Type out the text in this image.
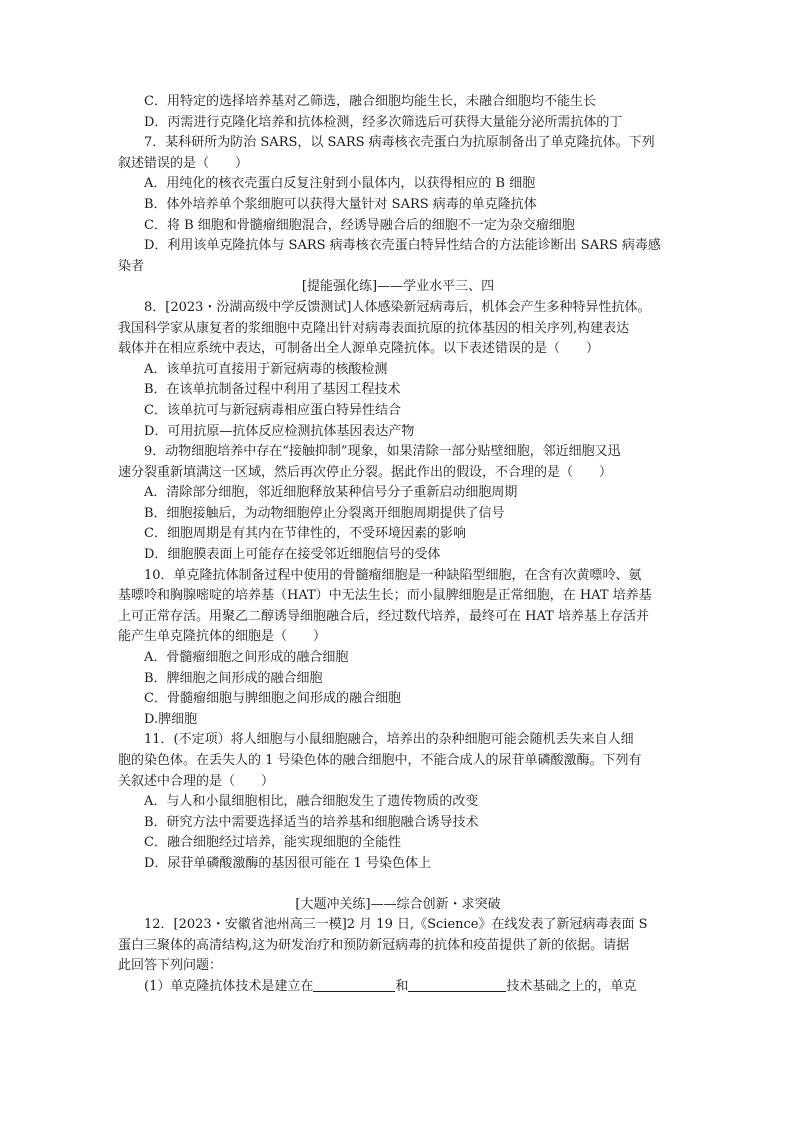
C．用特定的选择培养基对乙筛选，融合细胞均能生长，未融合细胞均不能生长
D．丙需进行克隆化培养和抗体检测，经多次筛选后可获得大量能分泌所需抗体的丁
7．某科研所为防治 SARS，以 SARS 病毒核衣壳蛋白为抗原制备出了单克隆抗体。下列
叙述错误的是（　　）
A．用纯化的核衣壳蛋白反复注射到小鼠体内，以获得相应的 B 细胞
B．体外培养单个浆细胞可以获得大量针对 SARS 病毒的单克隆抗体
C．将 B 细胞和骨髓瘤细胞混合，经诱导融合后的细胞不一定为杂交瘤细胞
D．利用该单克隆抗体与 SARS 病毒核衣壳蛋白特异性结合的方法能诊断出 SARS 病毒感
染者
[提能强化练]——学业水平三、四
8．[2023・汾湖高级中学反馈测试]人体感染新冠病毒后，机体会产生多种特异性抗体。
我国科学家从康复者的浆细胞中克隆出针对病毒表面抗原的抗体基因的相关序列,构建表达
载体并在相应系统中表达，可制备出全人源单克隆抗体。以下表述错误的是（　　）
A．该单抗可直接用于新冠病毒的核酸检测
B．在该单抗制备过程中利用了基因工程技术
C．该单抗可与新冠病毒相应蛋白特异性结合
D．可用抗原—抗体反应检测抗体基因表达产物
9．动物细胞培养中存在“接触抑制”现象，如果清除一部分贴壁细胞，邻近细胞又迅
速分裂重新填满这一区域，然后再次停止分裂。据此作出的假设，不合理的是（　　）
A．清除部分细胞，邻近细胞释放某种信号分子重新启动细胞周期
B．细胞接触后，为动物细胞停止分裂离开细胞周期提供了信号
C．细胞周期是有其内在节律性的，不受环境因素的影响
D．细胞膜表面上可能存在接受邻近细胞信号的受体
10．单克隆抗体制备过程中使用的骨髓瘤细胞是一种缺陷型细胞，在含有次黄嘌呤、氨
基嘌呤和胸腺嘧啶的培养基（HAT）中无法生长；而小鼠脾细胞是正常细胞，在 HAT 培养基
上可正常存活。用聚乙二醇诱导细胞融合后，经过数代培养，最终可在 HAT 培养基上存活并
能产生单克隆抗体的细胞是（　　）
A．骨髓瘤细胞之间形成的融合细胞
B．脾细胞之间形成的融合细胞
C．骨髓瘤细胞与脾细胞之间形成的融合细胞
D.脾细胞
11．(不定项）将人细胞与小鼠细胞融合，培养出的杂种细胞可能会随机丢失来自人细
胞的染色体。在丢失人的 1 号染色体的融合细胞中，不能合成人的尿苷单磷酸激酶。下列有
关叙述中合理的是（　　）
A．与人和小鼠细胞相比，融合细胞发生了遗传物质的改变
B．研究方法中需要选择适当的培养基和细胞融合诱导技术
C．融合细胞经过培养，能实现细胞的全能性
D．尿苷单磷酸激酶的基因很可能在 1 号染色体上
[大题冲关练]——综合创新・求突破
12．[2023・安徽省池州高三一模]2 月 19 日,《Science》在线发表了新冠病毒表面 S
蛋白三聚体的高清结构,这为研发治疗和预防新冠病毒的抗体和疫苗提供了新的依据。请据
此回答下列问题：
(1）单克隆抗体技术是建立在	和	技术基础之上的，单克
